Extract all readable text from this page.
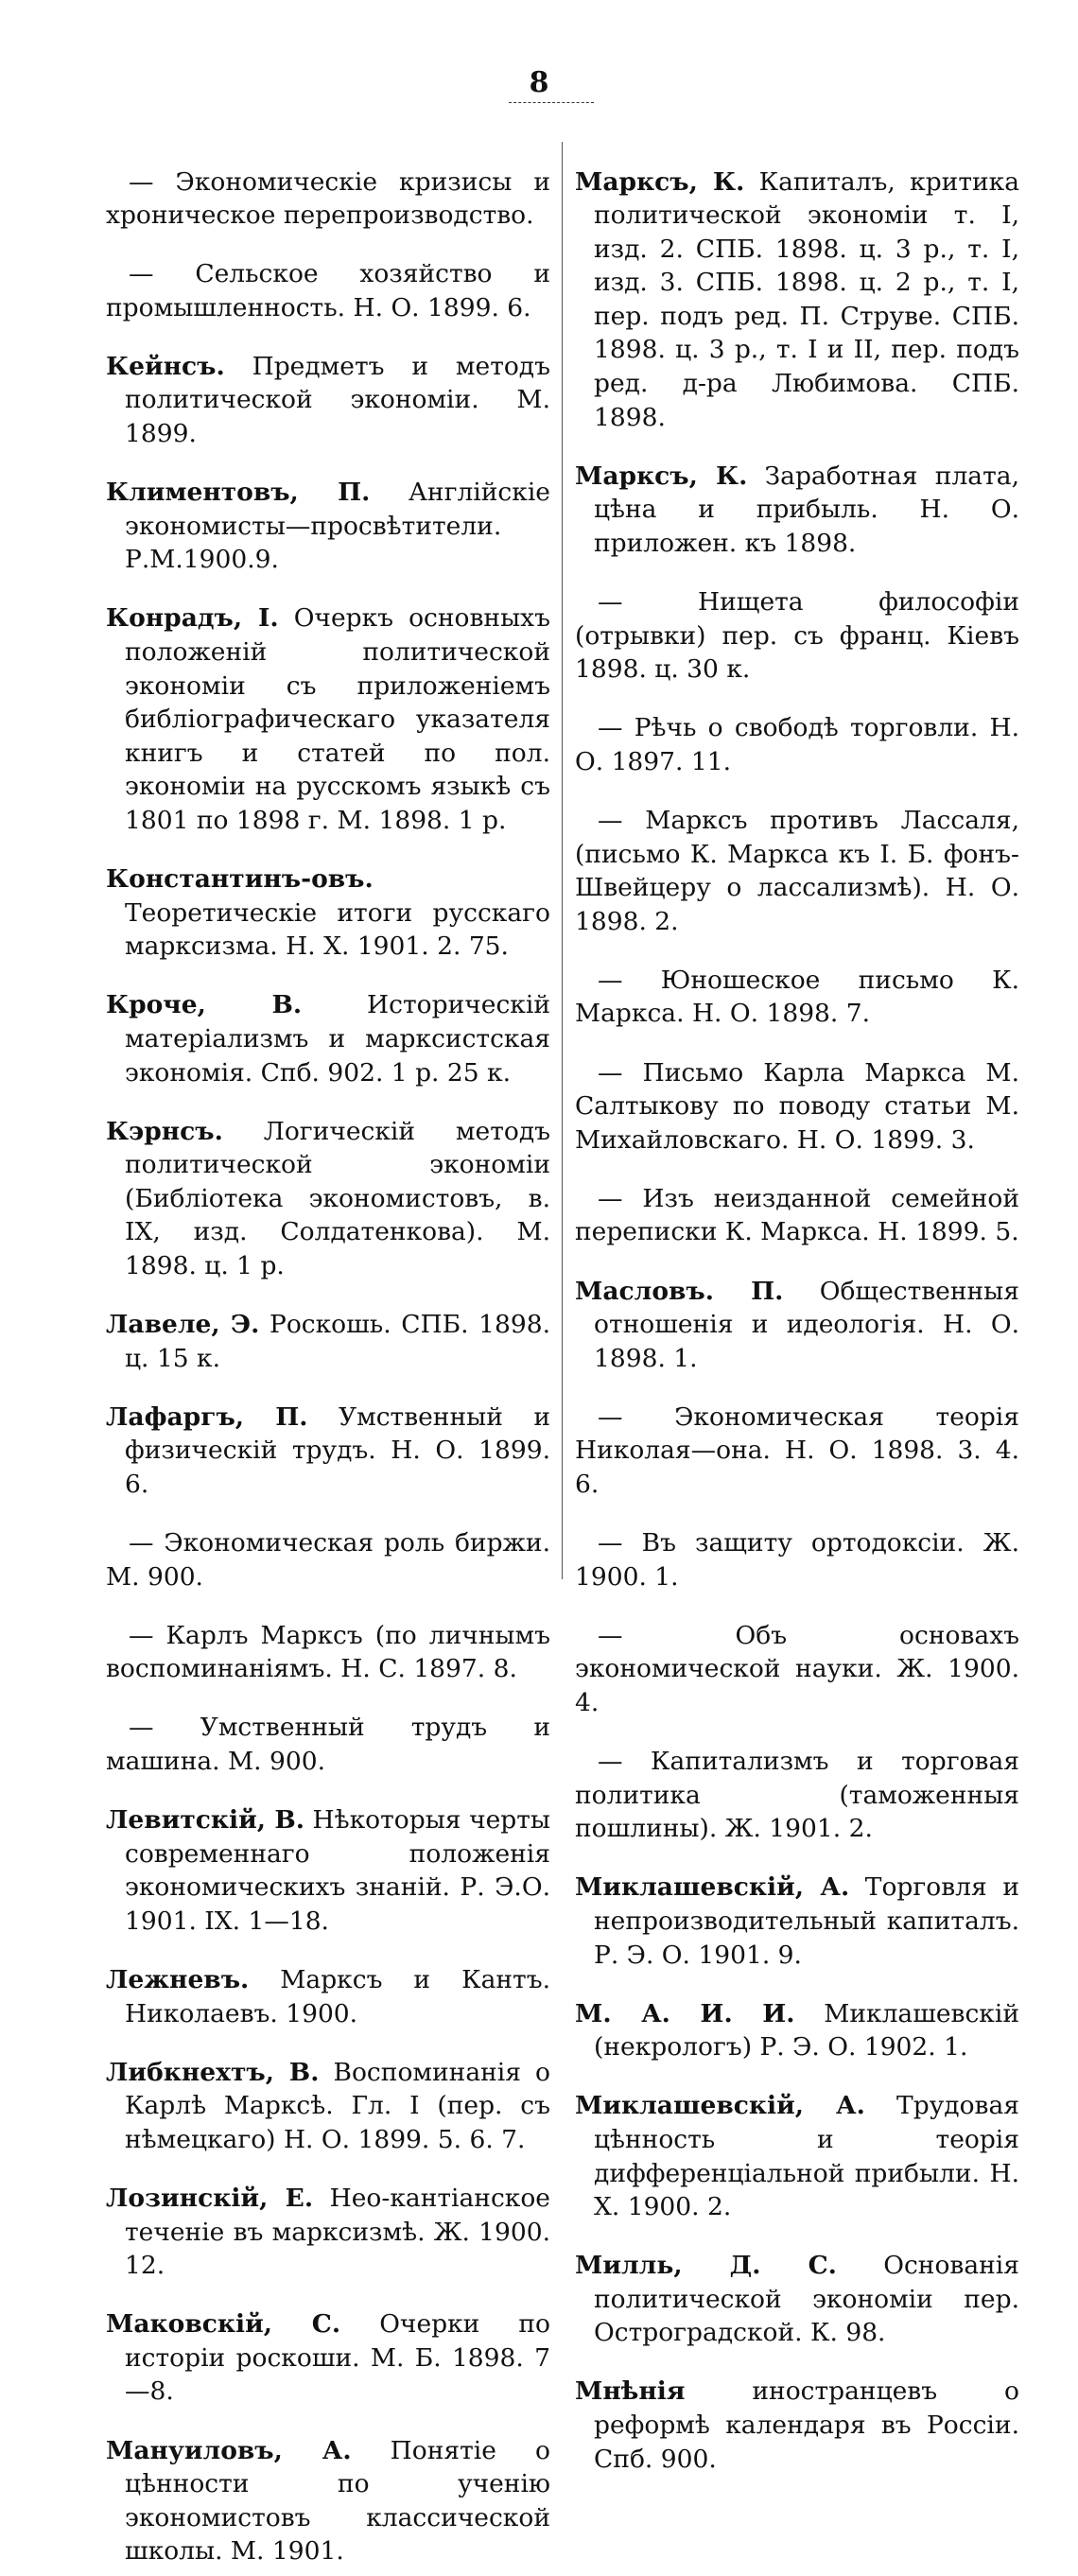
8

— Экономическiе кризисы и хроническое перепроизводство.

— Сельское хозяйство и промышленность. Н. О. 1899. 6.

Кейнсъ. Предметъ и методъ политической экономiи. М. 1899.

Климентовъ, П. Англiйскiе экономисты—просвѣтители. Р.М.1900.9.

Конрадъ, I. Очеркъ основныхъ положенiй политической экономiи съ приложенiемъ библiографическаго указателя книгъ и статей по пол. экономiи на русскомъ языкѣ съ 1801 по 1898 г. М. 1898. 1 р.

Константинъ-овъ. Теоретическiе итоги русскаго марксизма. Н. Х. 1901. 2. 75.

Крочe, В. Историческiй матерiализмъ и марксистская экономiя. Спб. 902. 1 р. 25 к.

Кэрнсъ. Логическiй методъ политической экономiи (Библiотека экономистовъ, в. IX, изд. Солдатенкова). М. 1898. ц. 1 р.

Лавеле, Э. Роскошь. СПБ. 1898. ц. 15 к.

Лафаргъ, П. Умственный и физическiй трудъ. Н. О. 1899. 6.

— Экономическая роль биржи. М. 900.

— Карлъ Марксъ (по личнымъ воспоминанiямъ. Н. С. 1897. 8.

— Умственный трудъ и машина. М. 900.

Левитскiй, В. Нѣкоторыя черты современнаго положенiя экономическихъ знанiй. Р. Э.О. 1901. IX. 1—18.

Лежневъ. Марксъ и Кантъ. Николаевъ. 1900.

Либкнехтъ, В. Воспоминанiя о Карлѣ Марксѣ. Гл. I (пер. съ нѣмецкаго) Н. О. 1899. 5. 6. 7.

Лозинскiй, Е. Нео-кантiанское теченiе въ марксизмѣ. Ж. 1900. 12.

Маковскiй, С. Очерки по исторiи роскоши. М. Б. 1898. 7—8.

Мануиловъ, А. Понятiе о цѣнности по ученiю экономистовъ классической школы. М. 1901.

Марксъ, К. Капиталъ, критика политической экономiи т. I, изд. 2. СПБ. 1898. ц. 3 р., т. I, изд. 3. СПБ. 1898. ц. 2 р., т. I, пер. подъ ред. П. Струве. СПБ. 1898. ц. 3 р., т. I и II, пер. подъ ред. д-ра Любимова. СПБ. 1898.

Марксъ, К. Заработная плата, цѣна и прибыль. Н. О. приложен. къ 1898.

— Нищета философiи (отрывки) пер. съ франц. Кiевъ 1898. ц. 30 к.

— Рѣчь о свободѣ торговли. Н. О. 1897. 11.

— Марксъ противъ Лассаля, (письмо К. Маркса къ I. Б. фонъ-Швейцеру о лассализмѣ). Н. О. 1898. 2.

— Юношеское письмо К. Маркса. Н. О. 1898. 7.

— Письмо Карла Маркса М. Салтыкову по поводу статьи М. Михайловскаго. Н. О. 1899. 3.

— Изъ неизданной семейной переписки К. Маркса. Н. 1899. 5.

Масловъ. П. Общественныя отношенiя и идеологiя. Н. О. 1898. 1.

— Экономическая теорiя Николая—она. Н. О. 1898. 3. 4. 6.

— Въ защиту ортодоксiи. Ж. 1900. 1.

— Объ основахъ экономической науки. Ж. 1900. 4.

— Капитализмъ и торговая политика (таможенныя пошлины). Ж. 1901. 2.

Миклашевскiй, А. Торговля и непроизводительный капиталъ. Р. Э. О. 1901. 9.

М. А. И. И. Миклашевскiй (некрологъ) Р. Э. О. 1902. 1.

Миклашевскiй, А. Трудовая цѣнность и теорiя дифференцiальной прибыли. Н. Х. 1900. 2.

Милль, Д. С. Основанiя политической экономiи пер. Остроградской. К. 98.

Мнѣнiя иностранцевъ о реформѣ календаря въ Россiи. Спб. 900.
